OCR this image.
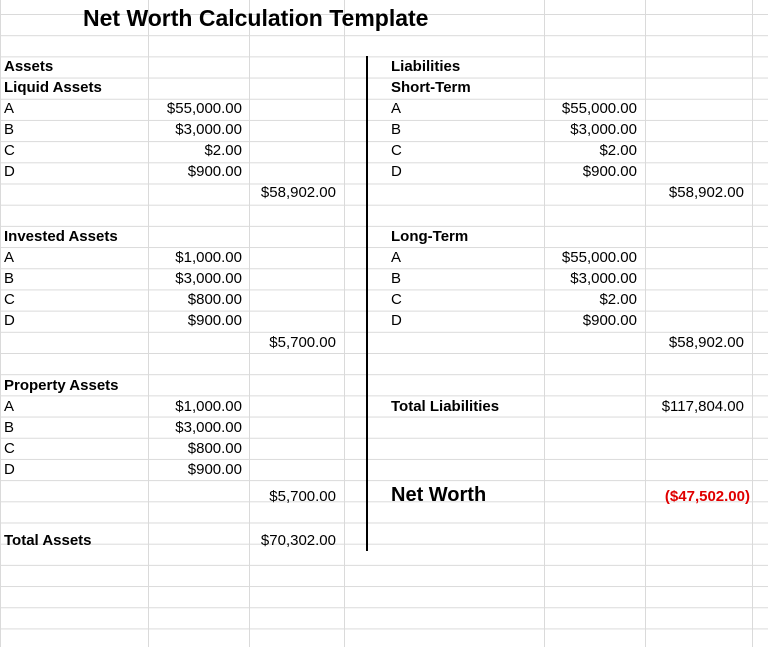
Net Worth Calculation Template
Assets
Liquid Assets
A	$55,000.00
B	$3,000.00
C	$2.00
D	$900.00
$58,902.00
Invested Assets
A	$1,000.00
B	$3,000.00
C	$800.00
D	$900.00
$5,700.00
Property Assets
A	$1,000.00
B	$3,000.00
C	$800.00
D	$900.00
$5,700.00
Total Assets	$70,302.00
Liabilities
Short-Term
A	$55,000.00
B	$3,000.00
C	$2.00
D	$900.00
$58,902.00
Long-Term
A	$55,000.00
B	$3,000.00
C	$2.00
D	$900.00
$58,902.00
Total Liabilities	$117,804.00
Net Worth	($47,502.00)
